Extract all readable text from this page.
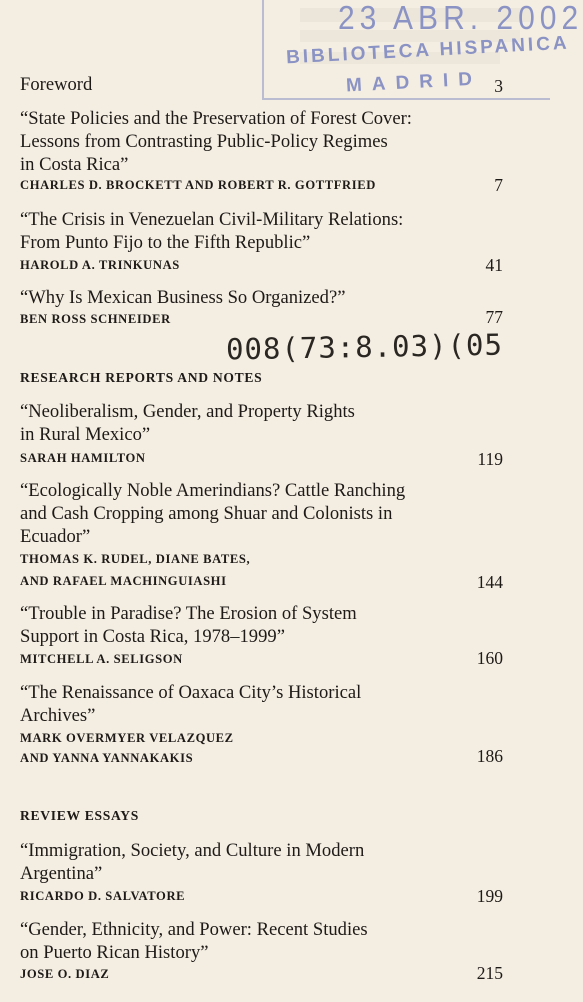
23 ABR. 2002
BIBLIOTECA HISPANICA
MADRID
Foreword	3
“State Policies and the Preservation of Forest Cover:
Lessons from Contrasting Public-Policy Regimes
in Costa Rica”
CHARLES D. BROCKETT AND ROBERT R. GOTTFRIED	7
“The Crisis in Venezuelan Civil-Military Relations:
From Punto Fijo to the Fifth Republic”
HAROLD A. TRINKUNAS	41
“Why Is Mexican Business So Organized?”
BEN ROSS SCHNEIDER	77
008(73:8.03)(05
RESEARCH REPORTS AND NOTES
“Neoliberalism, Gender, and Property Rights
in Rural Mexico”
SARAH HAMILTON	119
“Ecologically Noble Amerindians? Cattle Ranching
and Cash Cropping among Shuar and Colonists in
Ecuador”
THOMAS K. RUDEL, DIANE BATES,
AND RAFAEL MACHINGUIASHI	144
“Trouble in Paradise? The Erosion of System
Support in Costa Rica, 1978–1999”
MITCHELL A. SELIGSON	160
“The Renaissance of Oaxaca City’s Historical
Archives”
MARK OVERMYER VELAZQUEZ
AND YANNA YANNAKAKIS	186
REVIEW ESSAYS
“Immigration, Society, and Culture in Modern
Argentina”
RICARDO D. SALVATORE	199
“Gender, Ethnicity, and Power: Recent Studies
on Puerto Rican History”
JOSE O. DIAZ	215
